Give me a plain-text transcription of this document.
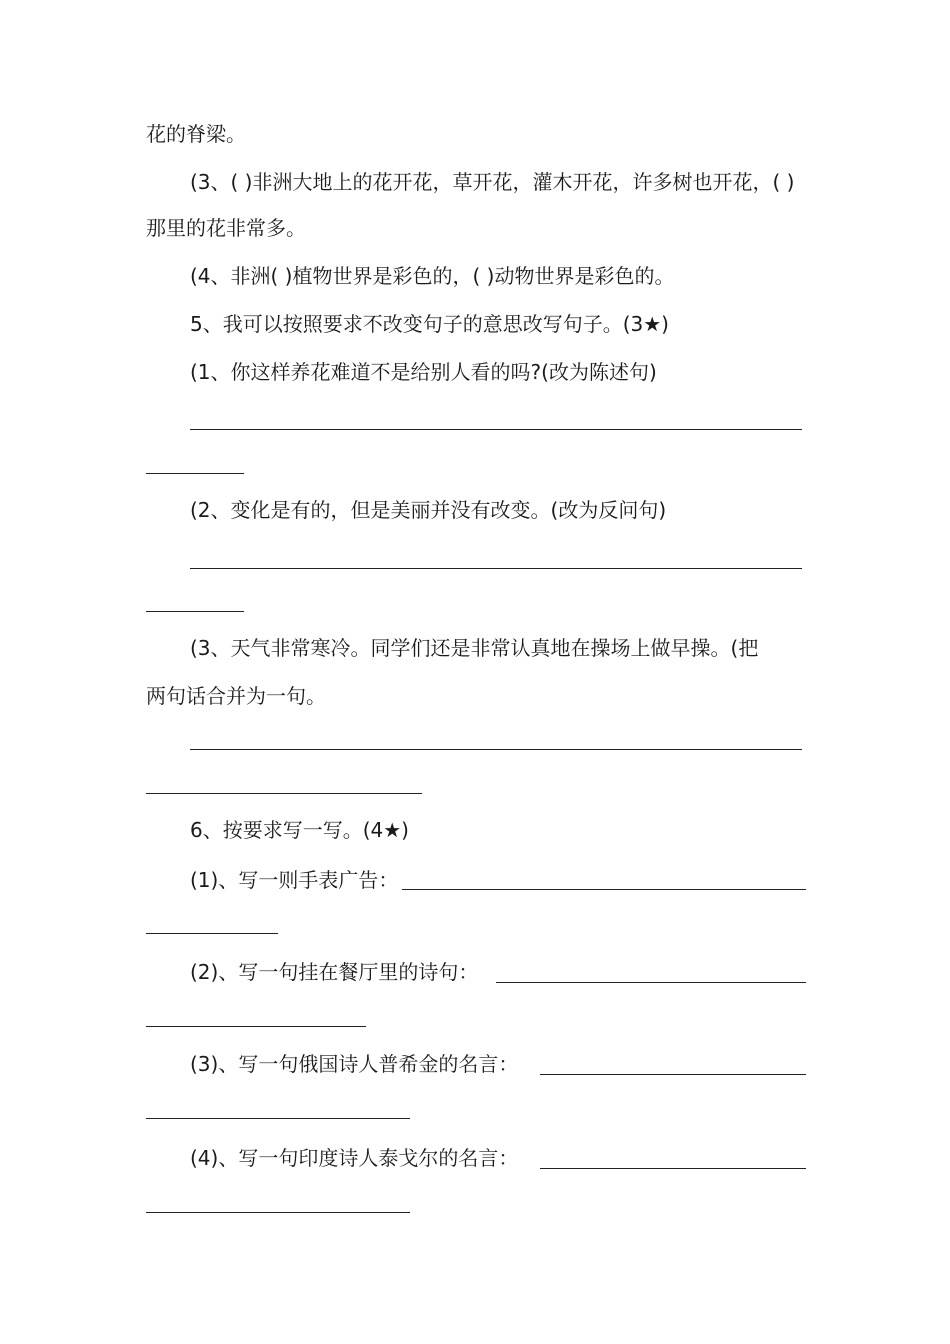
花的脊梁。
(3、( )非洲大地上的花开花，草开花，灌木开花，许多树也开花，( )
那里的花非常多。
(4、非洲( )植物世界是彩色的，( )动物世界是彩色的。
5、我可以按照要求不改变句子的意思改写句子。(3★)
(1、你这样养花难道不是给别人看的吗?(改为陈述句)
(2、变化是有的，但是美丽并没有改变。(改为反问句)
(3、天气非常寒冷。同学们还是非常认真地在操场上做早操。(把
两句话合并为一句。
6、按要求写一写。(4★)
(1)、写一则手表广告：
(2)、写一句挂在餐厅里的诗句：
(3)、写一句俄国诗人普希金的名言：
(4)、写一句印度诗人泰戈尔的名言：
